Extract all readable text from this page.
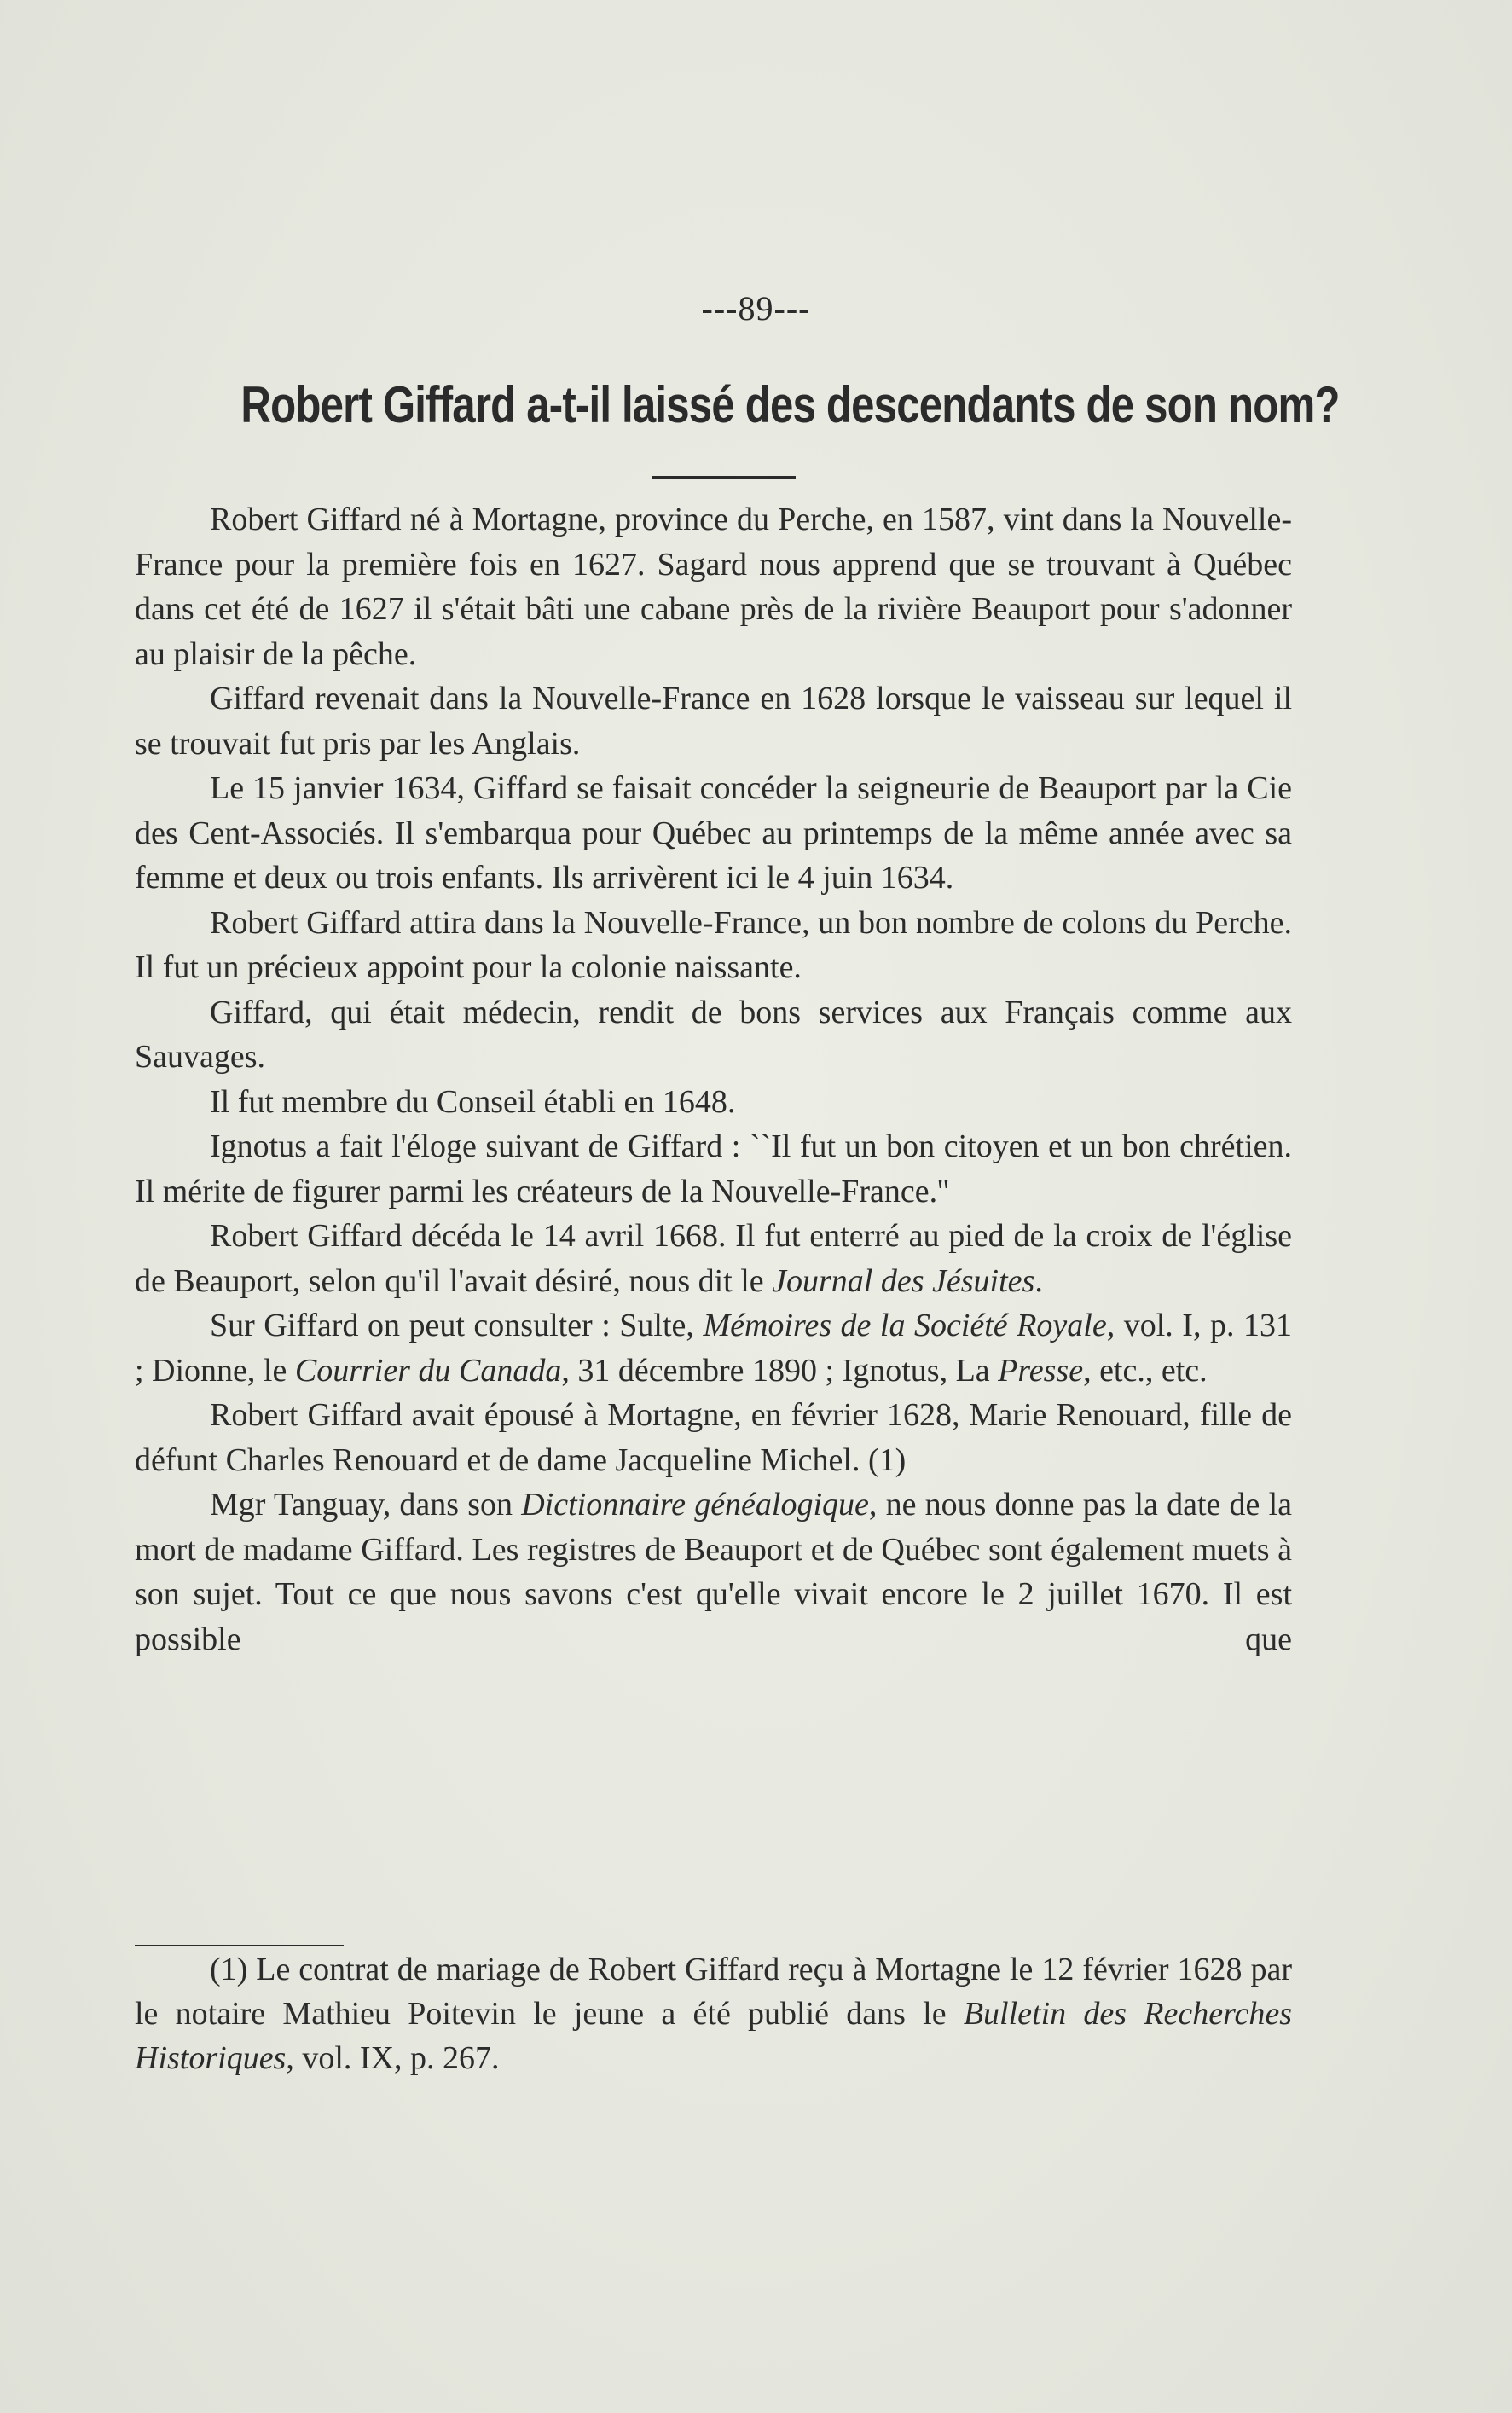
---89---
Robert Giffard a-t-il laissé des descendants de son nom?

Robert Giffard né à Mortagne, province du Perche, en 1587, vint dans la Nouvelle-France pour la première fois en 1627. Sagard nous apprend que se trouvant à Québec dans cet été de 1627 il s'était bâti une cabane près de la rivière Beauport pour s'adonner au plaisir de la pêche.

Giffard revenait dans la Nouvelle-France en 1628 lorsque le vaisseau sur lequel il se trouvait fut pris par les Anglais.

Le 15 janvier 1634, Giffard se faisait concéder la seigneurie de Beauport par la Cie des Cent-Associés. Il s'embarqua pour Québec au printemps de la même année avec sa femme et deux ou trois enfants. Ils arrivèrent ici le 4 juin 1634.

Robert Giffard attira dans la Nouvelle-France, un bon nombre de colons du Perche. Il fut un précieux appoint pour la colonie naissante.

Giffard, qui était médecin, rendit de bons services aux Français comme aux Sauvages.

Il fut membre du Conseil établi en 1648.

Ignotus a fait l'éloge suivant de Giffard : ``Il fut un bon citoyen et un bon chrétien. Il mérite de figurer parmi les créateurs de la Nouvelle-France.''

Robert Giffard décéda le 14 avril 1668. Il fut enterré au pied de la croix de l'église de Beauport, selon qu'il l'avait désiré, nous dit le Journal des Jésuites.

Sur Giffard on peut consulter : Sulte, Mémoires de la Société Royale, vol. I, p. 131 ; Dionne, le Courrier du Canada, 31 décembre 1890 ; Ignotus, La Presse, etc., etc.

Robert Giffard avait épousé à Mortagne, en février 1628, Marie Renouard, fille de défunt Charles Renouard et de dame Jacqueline Michel. (1)

Mgr Tanguay, dans son Dictionnaire généalogique, ne nous donne pas la date de la mort de madame Giffard. Les registres de Beauport et de Québec sont également muets à son sujet. Tout ce que nous savons c'est qu'elle vivait encore le 2 juillet 1670. Il est possible que

(1) Le contrat de mariage de Robert Giffard reçu à Mortagne le 12 février 1628 par le notaire Mathieu Poitevin le jeune a été publié dans le Bulletin des Recherches Historiques, vol. IX, p. 267.
